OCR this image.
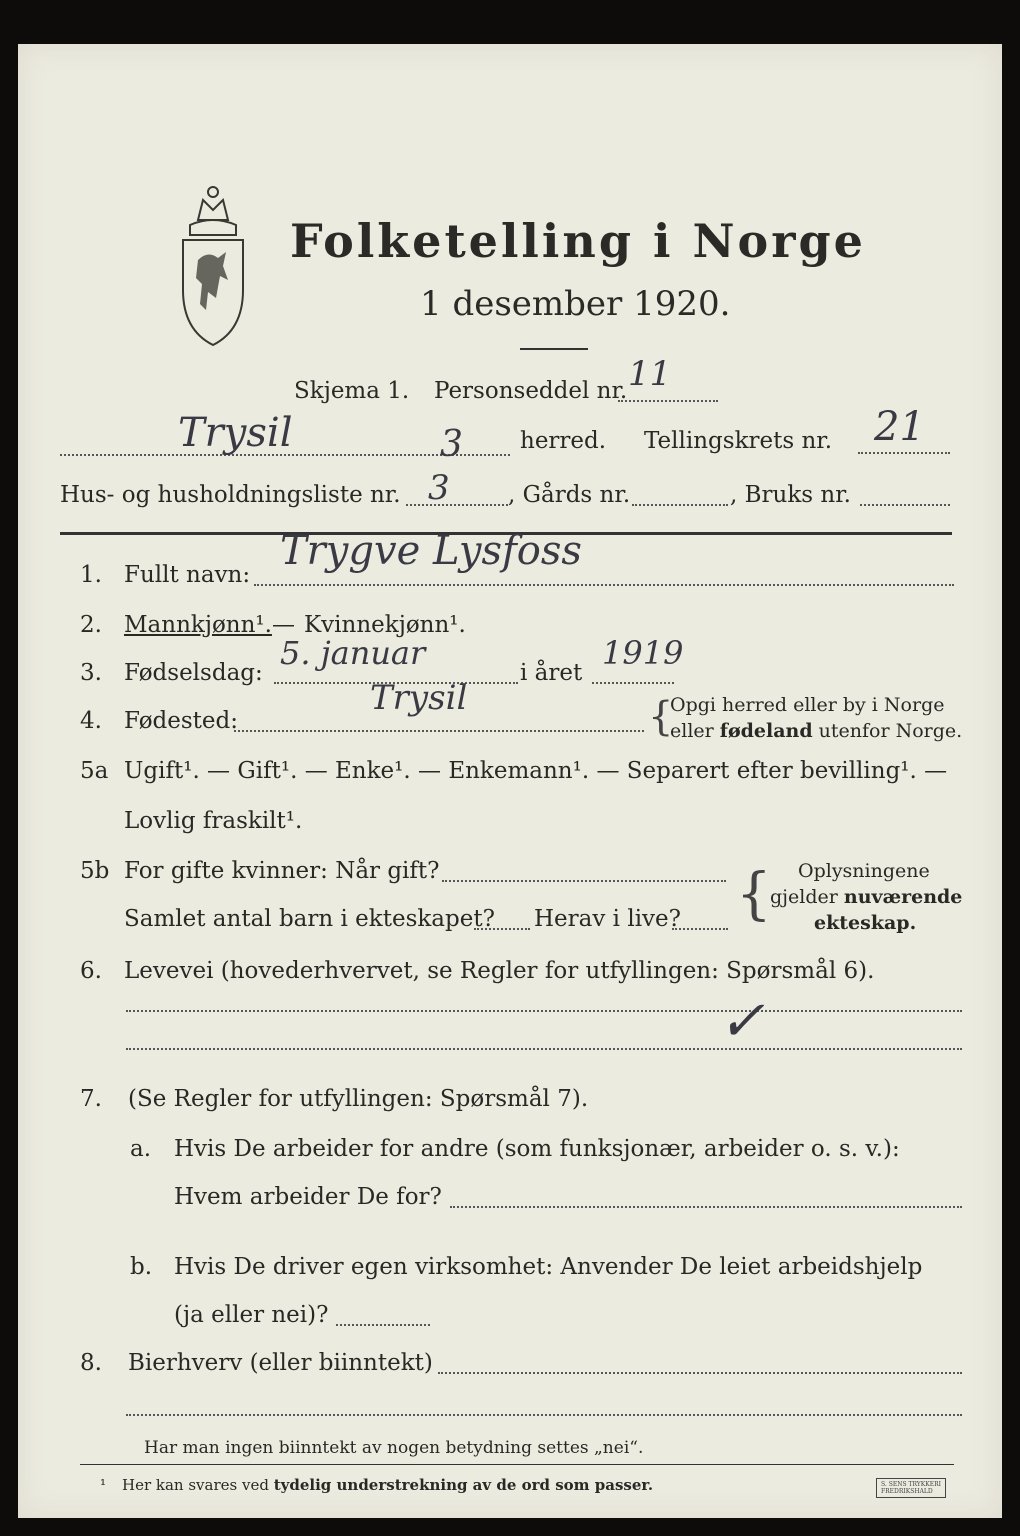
Folketelling i Norge
1 desember 1920.
Skjema 1. Personseddel nr. 11
Trysil	3 herred. Tellingskrets nr. 21
Hus- og husholdningsliste nr. 3	, Gårds nr.	, Bruks nr.
1. Fullt navn:
Trygve Lysfoss
2. Mannkjønn¹. — Kvinnekjønn¹.
3. Fødselsdag:
5. januar
i året
1919
4. Fødested:
Trysil	{
Opgi herred eller by i Norge
eller fødeland utenfor Norge.
5a Ugift¹. — Gift¹. — Enke¹. — Enkemann¹. — Separert efter bevilling¹. —
Lovlig fraskilt¹.
5b For gifte kvinner: Når gift?
Samlet antal barn i ekteskapet? Herav i live? { Oplysningene
gjelder nuværende
ekteskap.
6. Levevei (hovederhvervet, se Regler for utfyllingen: Spørsmål 6).
✓
7. (Se Regler for utfyllingen: Spørsmål 7).
a. Hvis De arbeider for andre (som funksjonær, arbeider o. s. v.):
Hvem arbeider De for?
b. Hvis De driver egen virksomhet: Anvender De leiet arbeidshjelp
(ja eller nei)?
8. Bierhverv (eller biinntekt)
Har man ingen biinntekt av nogen betydning settes „nei“.
¹ Her kan svares ved tydelig understrekning av de ord som passer.	S. SENS TRYKKERI
FREDRIKSHALD
